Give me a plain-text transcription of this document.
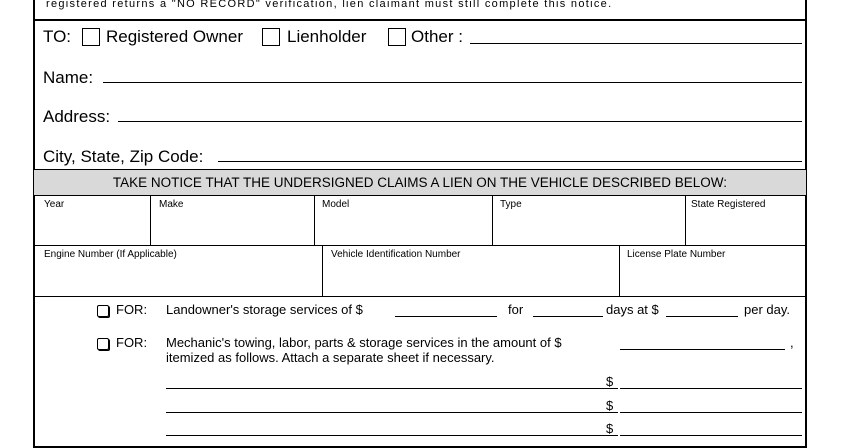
registered returns a "NO RECORD" verification, lien claimant must still complete this notice.
TO: Registered Owner	Lienholder	Other :
Name:
Address:
City, State, Zip Code:
TAKE NOTICE THAT THE UNDERSIGNED CLAIMS A LIEN ON THE VEHICLE DESCRIBED BELOW:
Year	Make	Model	Type	State Registered
Engine Number (If Applicable)	Vehicle Identification Number	License Plate Number
FOR: Landowner's storage services of $	for	days at $	per day.
FOR: Mechanic's towing, labor, parts & storage services in the amount of $	,
itemized as follows. Attach a separate sheet if necessary.
$
$
$
